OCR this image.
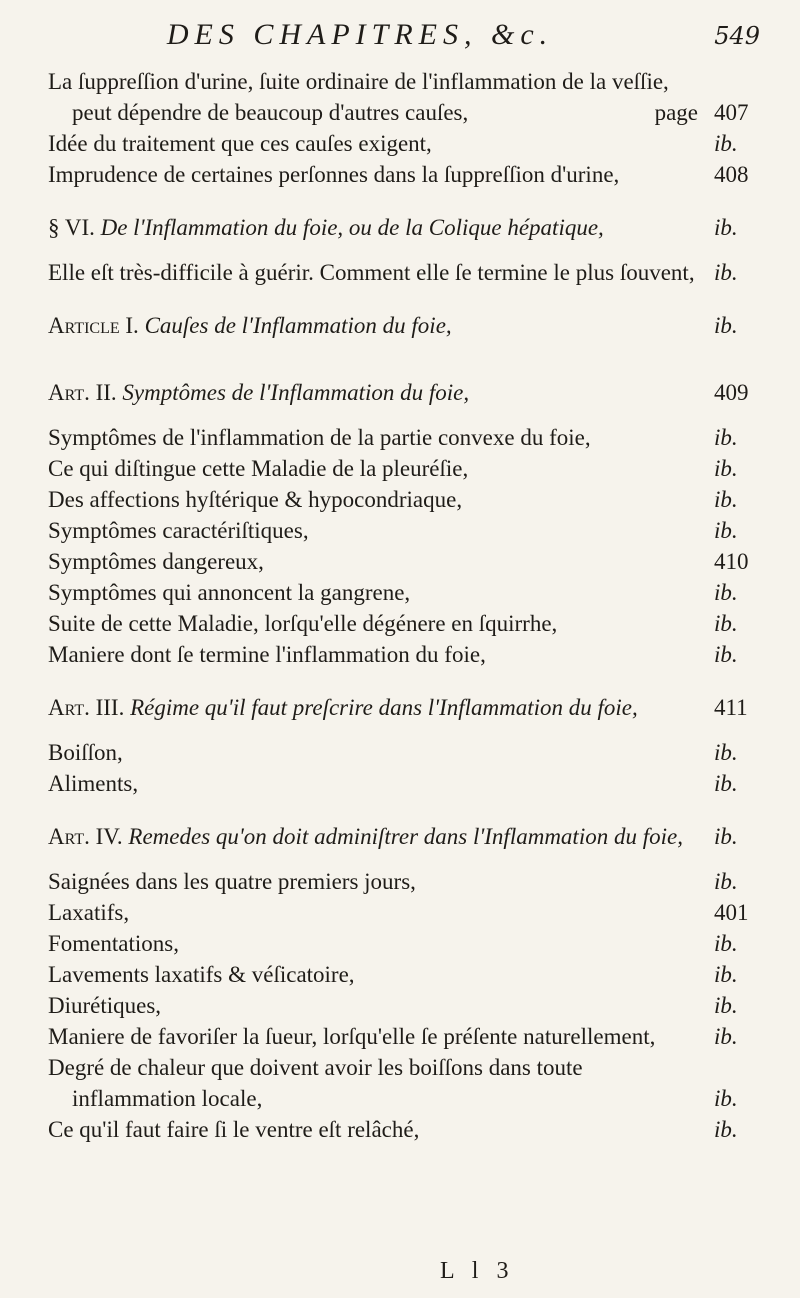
DES CHAPITRES, &c.	549
La ſuppreſſion d'urine, ſuite ordinaire de l'inflammation de la veſſie, peut dépendre de beaucoup d'autres cauſes,	page 407
Idée du traitement que ces cauſes exigent,	ib.
Imprudence de certaines perſonnes dans la ſuppreſſion d'urine,	408
§ VI. De l'Inflammation du foie, ou de la Colique hépatique,	ib.
Elle eſt très-difficile à guérir. Comment elle ſe termine le plus ſouvent, ib.
Article I. Cauſes de l'Inflammation du foie,	ib.
Art. II. Symptômes de l'Inflammation du foie,	409
Symptômes de l'inflammation de la partie convexe du foie,	ib.
Ce qui diſtingue cette Maladie de la pleuréſie,	ib.
Des affections hyſtérique & hypocondriaque,	ib.
Symptômes caractériſtiques,	ib.
Symptômes dangereux,	410
Symptômes qui annoncent la gangrene,	ib.
Suite de cette Maladie, lorſqu'elle dégénere en ſquirrhe,	ib.
Maniere dont ſe termine l'inflammation du foie,	ib.
Art. III. Régime qu'il faut preſcrire dans l'Inflammation du foie,	411
Boiſſon,	ib.
Aliments,	ib.
Art. IV. Remedes qu'on doit adminiſtrer dans l'Inflammation du foie, ib.
Saignées dans les quatre premiers jours,	ib.
Laxatifs,	401
Fomentations,	ib.
Lavements laxatifs & véſicatoire,	ib.
Diurétiques,	ib.
Maniere de favoriſer la ſueur, lorſqu'elle ſe préſente naturellement,	ib.
Degré de chaleur que doivent avoir les boiſſons dans toute inflammation locale,	ib.
Ce qu'il faut faire ſi le ventre eſt relâché,	ib.
L l 3
